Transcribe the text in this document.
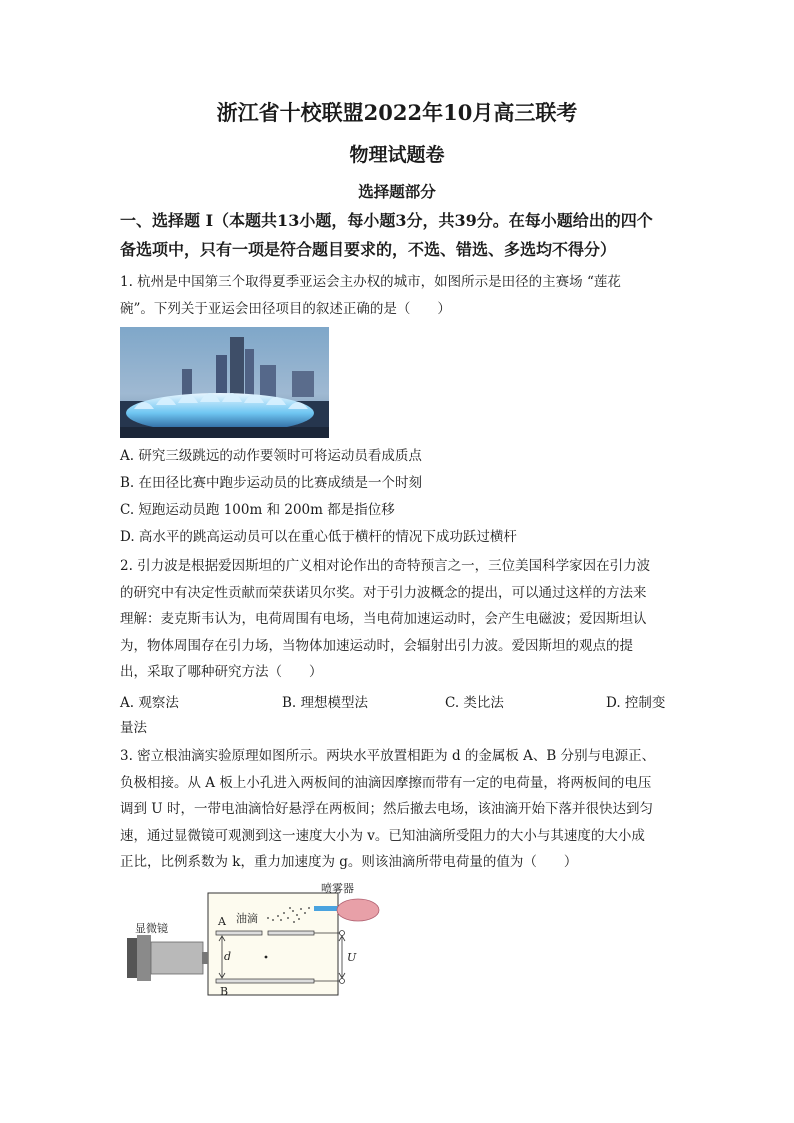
浙江省十校联盟2022年10月高三联考
物理试题卷
选择题部分
一、选择题 I（本题共13小题，每小题3分，共39分。在每小题给出的四个
备选项中，只有一项是符合题目要求的，不选、错选、多选均不得分）
1. 杭州是中国第三个取得夏季亚运会主办权的城市，如图所示是田径的主赛场 “莲花
碗”。下列关于亚运会田径项目的叙述正确的是（　　）
A. 研究三级跳远的动作要领时可将运动员看成质点
B. 在田径比赛中跑步运动员的比赛成绩是一个时刻
C. 短跑运动员跑 100m 和 200m 都是指位移
D. 高水平的跳高运动员可以在重心低于横杆的情况下成功跃过横杆
2. 引力波是根据爱因斯坦的广义相对论作出的奇特预言之一，三位美国科学家因在引力波
的研究中有决定性贡献而荣获诺贝尔奖。对于引力波概念的提出，可以通过这样的方法来
理解：麦克斯韦认为，电荷周围有电场，当电荷加速运动时，会产生电磁波；爱因斯坦认
为，物体周围存在引力场，当物体加速运动时，会辐射出引力波。爱因斯坦的观点的提
出，采取了哪种研究方法（　　）
A. 观察法	B. 理想模型法	C. 类比法	D. 控制变
量法
3. 密立根油滴实验原理如图所示。两块水平放置相距为 d 的金属板 A、B 分别与电源正、
负极相接。从 A 板上小孔进入两板间的油滴因摩擦而带有一定的电荷量，将两板间的电压
调到 U 时，一带电油滴恰好悬浮在两板间；然后撤去电场，该油滴开始下落并很快达到匀
速，通过显微镜可观测到这一速度大小为 v。已知油滴所受阻力的大小与其速度的大小成
正比，比例系数为 k，重力加速度为 g。则该油滴所带电荷量的值为（　　）
显微镜
喷雾器
油滴
A
B
d	U
